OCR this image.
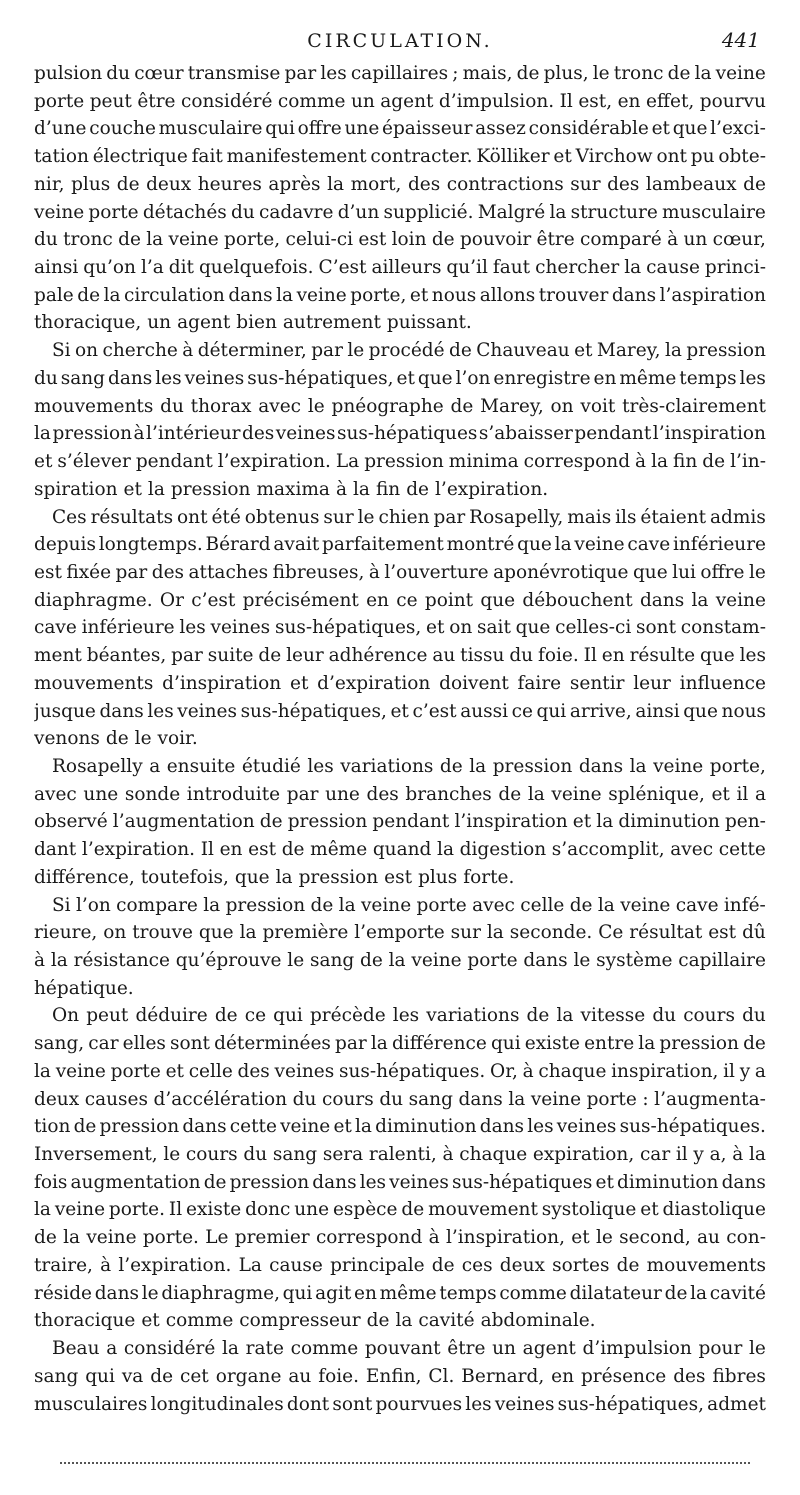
CIRCULATION.	441
pulsion du cœur transmise par les capillaires ; mais, de plus, le tronc de la veine
porte peut être considéré comme un agent d’impulsion. Il est, en effet, pourvu
d’une couche musculaire qui offre une épaisseur assez considérable et que l’exci-
tation électrique fait manifestement contracter. Kölliker et Virchow ont pu obte-
nir, plus de deux heures après la mort, des contractions sur des lambeaux de
veine porte détachés du cadavre d’un supplicié. Malgré la structure musculaire
du tronc de la veine porte, celui-ci est loin de pouvoir être comparé à un cœur,
ainsi qu’on l’a dit quelquefois. C’est ailleurs qu’il faut chercher la cause princi-
pale de la circulation dans la veine porte, et nous allons trouver dans l’aspiration
thoracique, un agent bien autrement puissant.
Si on cherche à déterminer, par le procédé de Chauveau et Marey, la pression
du sang dans les veines sus-hépatiques, et que l’on enregistre en même temps les
mouvements du thorax avec le pnéographe de Marey, on voit très-clairement
la pression à l’intérieur des veines sus-hépatiques s’abaisser pendant l’inspiration
et s’élever pendant l’expiration. La pression minima correspond à la fin de l’in-
spiration et la pression maxima à la fin de l’expiration.
Ces résultats ont été obtenus sur le chien par Rosapelly, mais ils étaient admis
depuis longtemps. Bérard avait parfaitement montré que la veine cave inférieure
est fixée par des attaches fibreuses, à l’ouverture aponévrotique que lui offre le
diaphragme. Or c’est précisément en ce point que débouchent dans la veine
cave inférieure les veines sus-hépatiques, et on sait que celles-ci sont constam-
ment béantes, par suite de leur adhérence au tissu du foie. Il en résulte que les
mouvements d’inspiration et d’expiration doivent faire sentir leur influence
jusque dans les veines sus-hépatiques, et c’est aussi ce qui arrive, ainsi que nous
venons de le voir.
Rosapelly a ensuite étudié les variations de la pression dans la veine porte,
avec une sonde introduite par une des branches de la veine splénique, et il a
observé l’augmentation de pression pendant l’inspiration et la diminution pen-
dant l’expiration. Il en est de même quand la digestion s’accomplit, avec cette
différence, toutefois, que la pression est plus forte.
Si l’on compare la pression de la veine porte avec celle de la veine cave infé-
rieure, on trouve que la première l’emporte sur la seconde. Ce résultat est dû
à la résistance qu’éprouve le sang de la veine porte dans le système capillaire
hépatique.
On peut déduire de ce qui précède les variations de la vitesse du cours du
sang, car elles sont déterminées par la différence qui existe entre la pression de
la veine porte et celle des veines sus-hépatiques. Or, à chaque inspiration, il y a
deux causes d’accélération du cours du sang dans la veine porte : l’augmenta-
tion de pression dans cette veine et la diminution dans les veines sus-hépatiques.
Inversement, le cours du sang sera ralenti, à chaque expiration, car il y a, à la
fois augmentation de pression dans les veines sus-hépatiques et diminution dans
la veine porte. Il existe donc une espèce de mouvement systolique et diastolique
de la veine porte. Le premier correspond à l’inspiration, et le second, au con-
traire, à l’expiration. La cause principale de ces deux sortes de mouvements
réside dans le diaphragme, qui agit en même temps comme dilatateur de la cavité
thoracique et comme compresseur de la cavité abdominale.
Beau a considéré la rate comme pouvant être un agent d’impulsion pour le
sang qui va de cet organe au foie. Enfin, Cl. Bernard, en présence des fibres
musculaires longitudinales dont sont pourvues les veines sus-hépatiques, admet
